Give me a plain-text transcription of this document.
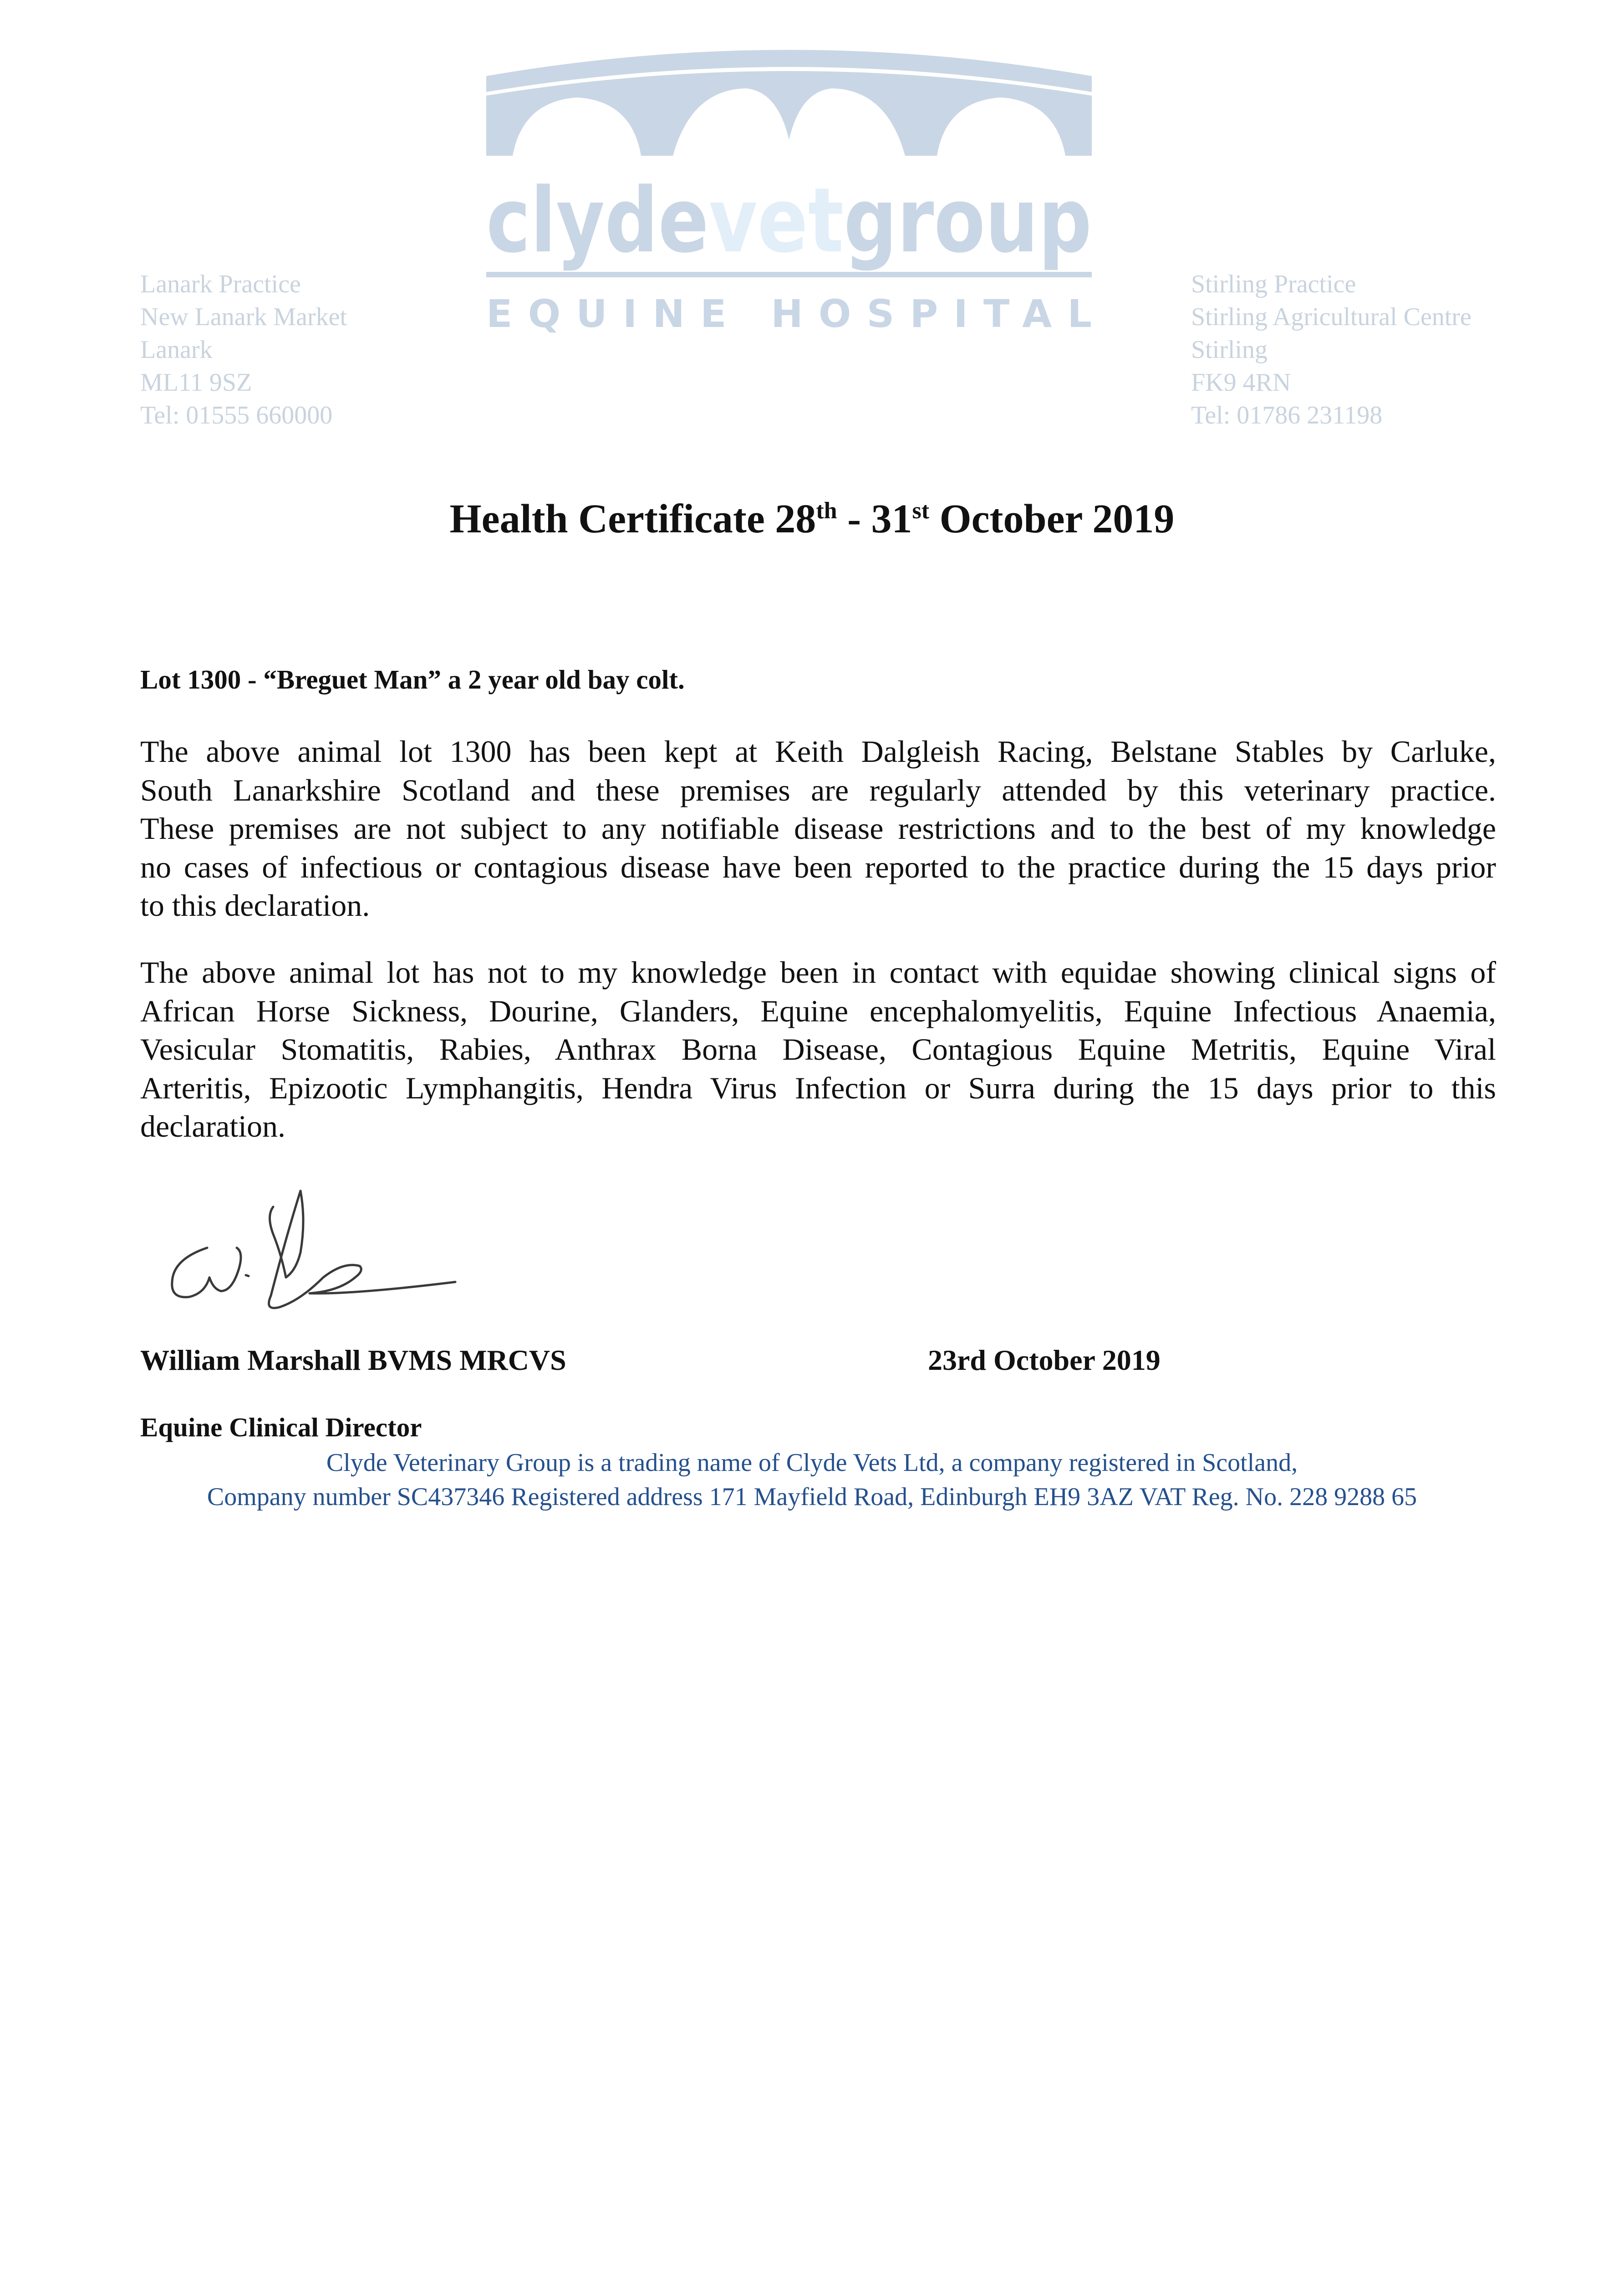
Lanark Practice
New Lanark Market
Lanark
ML11 9SZ
Tel: 01555 660000
clydevetgroup
EQUINE HOSPITAL
Stirling Practice
Stirling Agricultural Centre
Stirling
FK9 4RN
Tel: 01786 231198
Health Certificate 28th - 31st October 2019
Lot 1300 - “Breguet Man” a 2 year old bay colt.
The above animal lot 1300 has been kept at Keith Dalgleish Racing, Belstane Stables by Carluke,
South Lanarkshire Scotland and these premises are regularly attended by this veterinary practice.
These premises are not subject to any notifiable disease restrictions and to the best of my knowledge
no cases of infectious or contagious disease have been reported to the practice during the 15 days prior
to this declaration.
The above animal lot has not to my knowledge been in contact with equidae showing clinical signs of
African Horse Sickness, Dourine, Glanders, Equine encephalomyelitis, Equine Infectious Anaemia,
Vesicular Stomatitis, Rabies, Anthrax Borna Disease, Contagious Equine Metritis, Equine Viral
Arteritis, Epizootic Lymphangitis, Hendra Virus Infection or Surra during the 15 days prior to this
declaration.
William Marshall BVMS MRCVS	23rd October 2019
Equine Clinical Director
Clyde Veterinary Group is a trading name of Clyde Vets Ltd, a company registered in Scotland,
Company number SC437346 Registered address 171 Mayfield Road, Edinburgh EH9 3AZ VAT Reg. No. 228 9288 65
